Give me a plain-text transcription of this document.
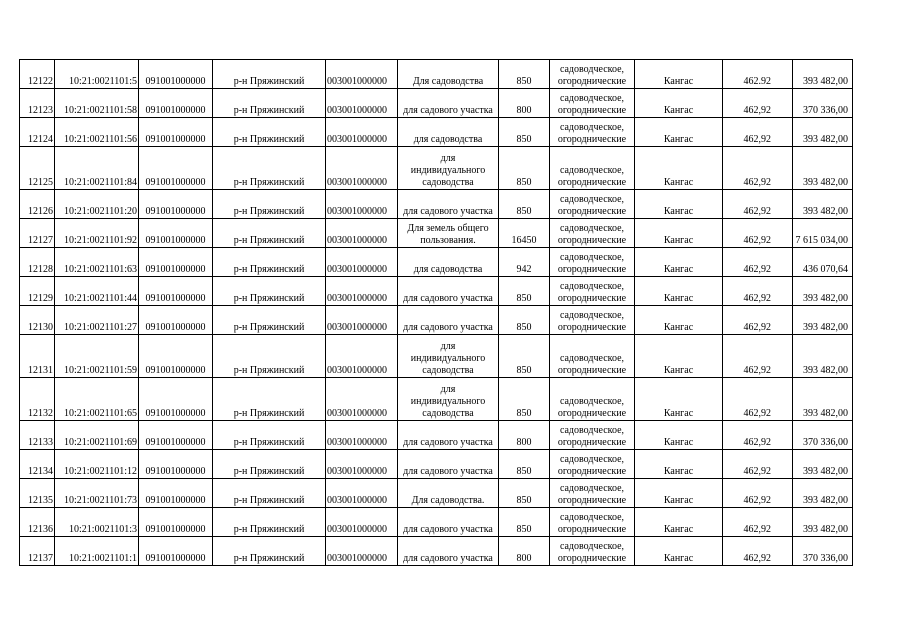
12122	10:21:0021101:5	091001000000	р-н Пряжинский	003001000000	Для садоводства	850	садоводческое,
огороднические	Кангас	462.92	393 482,00
12123	10:21:0021101:58	091001000000	р-н Пряжинский	003001000000	для садового участка	800	садоводческое,
огороднические	Кангас	462,92	370 336,00
12124	10:21:0021101:56	091001000000	р-н Пряжинский	003001000000	для садоводства	850	садоводческое,
огороднические	Кангас	462,92	393 482,00
12125	10:21:0021101:84	091001000000	р-н Пряжинский	003001000000	для
индивидуального
садоводства	850	садоводческое,
огороднические	Кангас	462,92	393 482,00
12126	10:21:0021101:20	091001000000	р-н Пряжинский	003001000000	для садового участка	850	садоводческое,
огороднические	Кангас	462,92	393 482,00
12127	10:21:0021101:92	091001000000	р-н Пряжинский	003001000000	Для земель общего
пользования.	16450	садоводческое,
огороднические	Кангас	462,92	7 615 034,00
12128	10:21:0021101:63	091001000000	р-н Пряжинский	003001000000	для садоводства	942	садоводческое,
огороднические	Кангас	462,92	436 070,64
12129	10:21:0021101:44	091001000000	р-н Пряжинский	003001000000	для садового участка	850	садоводческое,
огороднические	Кангас	462,92	393 482,00
12130	10:21:0021101:27	091001000000	р-н Пряжинский	003001000000	для садового участка	850	садоводческое,
огороднические	Кангас	462,92	393 482,00
12131	10:21:0021101:59	091001000000	р-н Пряжинский	003001000000	для
индивидуального
садоводства	850	садоводческое,
огороднические	Кангас	462,92	393 482,00
12132	10:21:0021101:65	091001000000	р-н Пряжинский	003001000000	для
индивидуального
садоводства	850	садоводческое,
огороднические	Кангас	462,92	393 482,00
12133	10:21:0021101:69	091001000000	р-н Пряжинский	003001000000	для садового участка	800	садоводческое,
огороднические	Кангас	462,92	370 336,00
12134	10:21:0021101:12	091001000000	р-н Пряжинский	003001000000	для садового участка	850	садоводческое,
огороднические	Кангас	462,92	393 482,00
12135	10:21:0021101:73	091001000000	р-н Пряжинский	003001000000	Для садоводства.	850	садоводческое,
огороднические	Кангас	462,92	393 482,00
12136	10:21:0021101:3	091001000000	р-н Пряжинский	003001000000	для садового участка	850	садоводческое,
огороднические	Кангас	462,92	393 482,00
12137	10:21:0021101:1	091001000000	р-н Пряжинский	003001000000	для садового участка	800	садоводческое,
огороднические	Кангас	462,92	370 336,00
